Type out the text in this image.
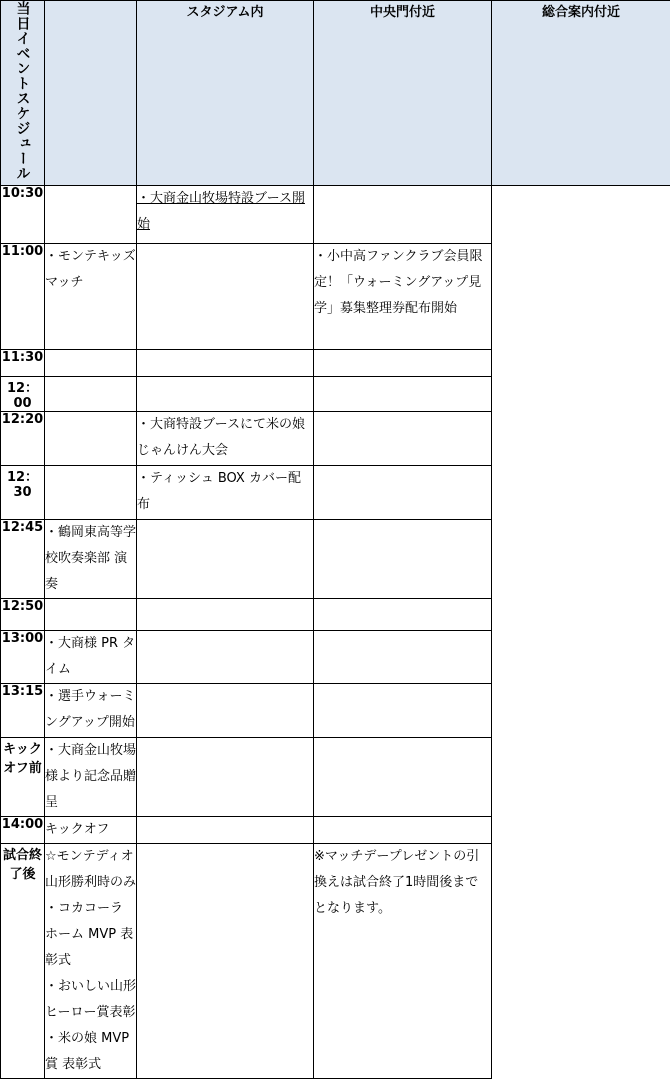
当日イベントスケジュール		スタジアム内	中央門付近	総合案内付近
10:30		・大商金山牧場特設ブース開始		
11:00	・モンテキッズマッチ		・小中高ファンクラブ会員限定！「ウォーミングアップ見学」募集整理券配布開始	
11:30				
12：00				
12:20		・大商特設ブースにて米の娘じゃんけん大会		
12：30		・ティッシュ BOX カバー配布		
12:45	・鶴岡東高等学校吹奏楽部 演奏			
12:50				
13:00	・大商様 PR タイム			
13:15	・選手ウォーミングアップ開始			
キックオフ前	・大商金山牧場様より記念品贈呈			
14:00	キックオフ			
試合終了後	☆モンテディオ山形勝利時のみ
・コカコーラ ホーム MVP 表彰式
・おいしい山形ヒーロー賞表彰
・米の娘 MVP 賞 表彰式		※マッチデープレゼントの引換えは試合終了1時間後までとなります。	
